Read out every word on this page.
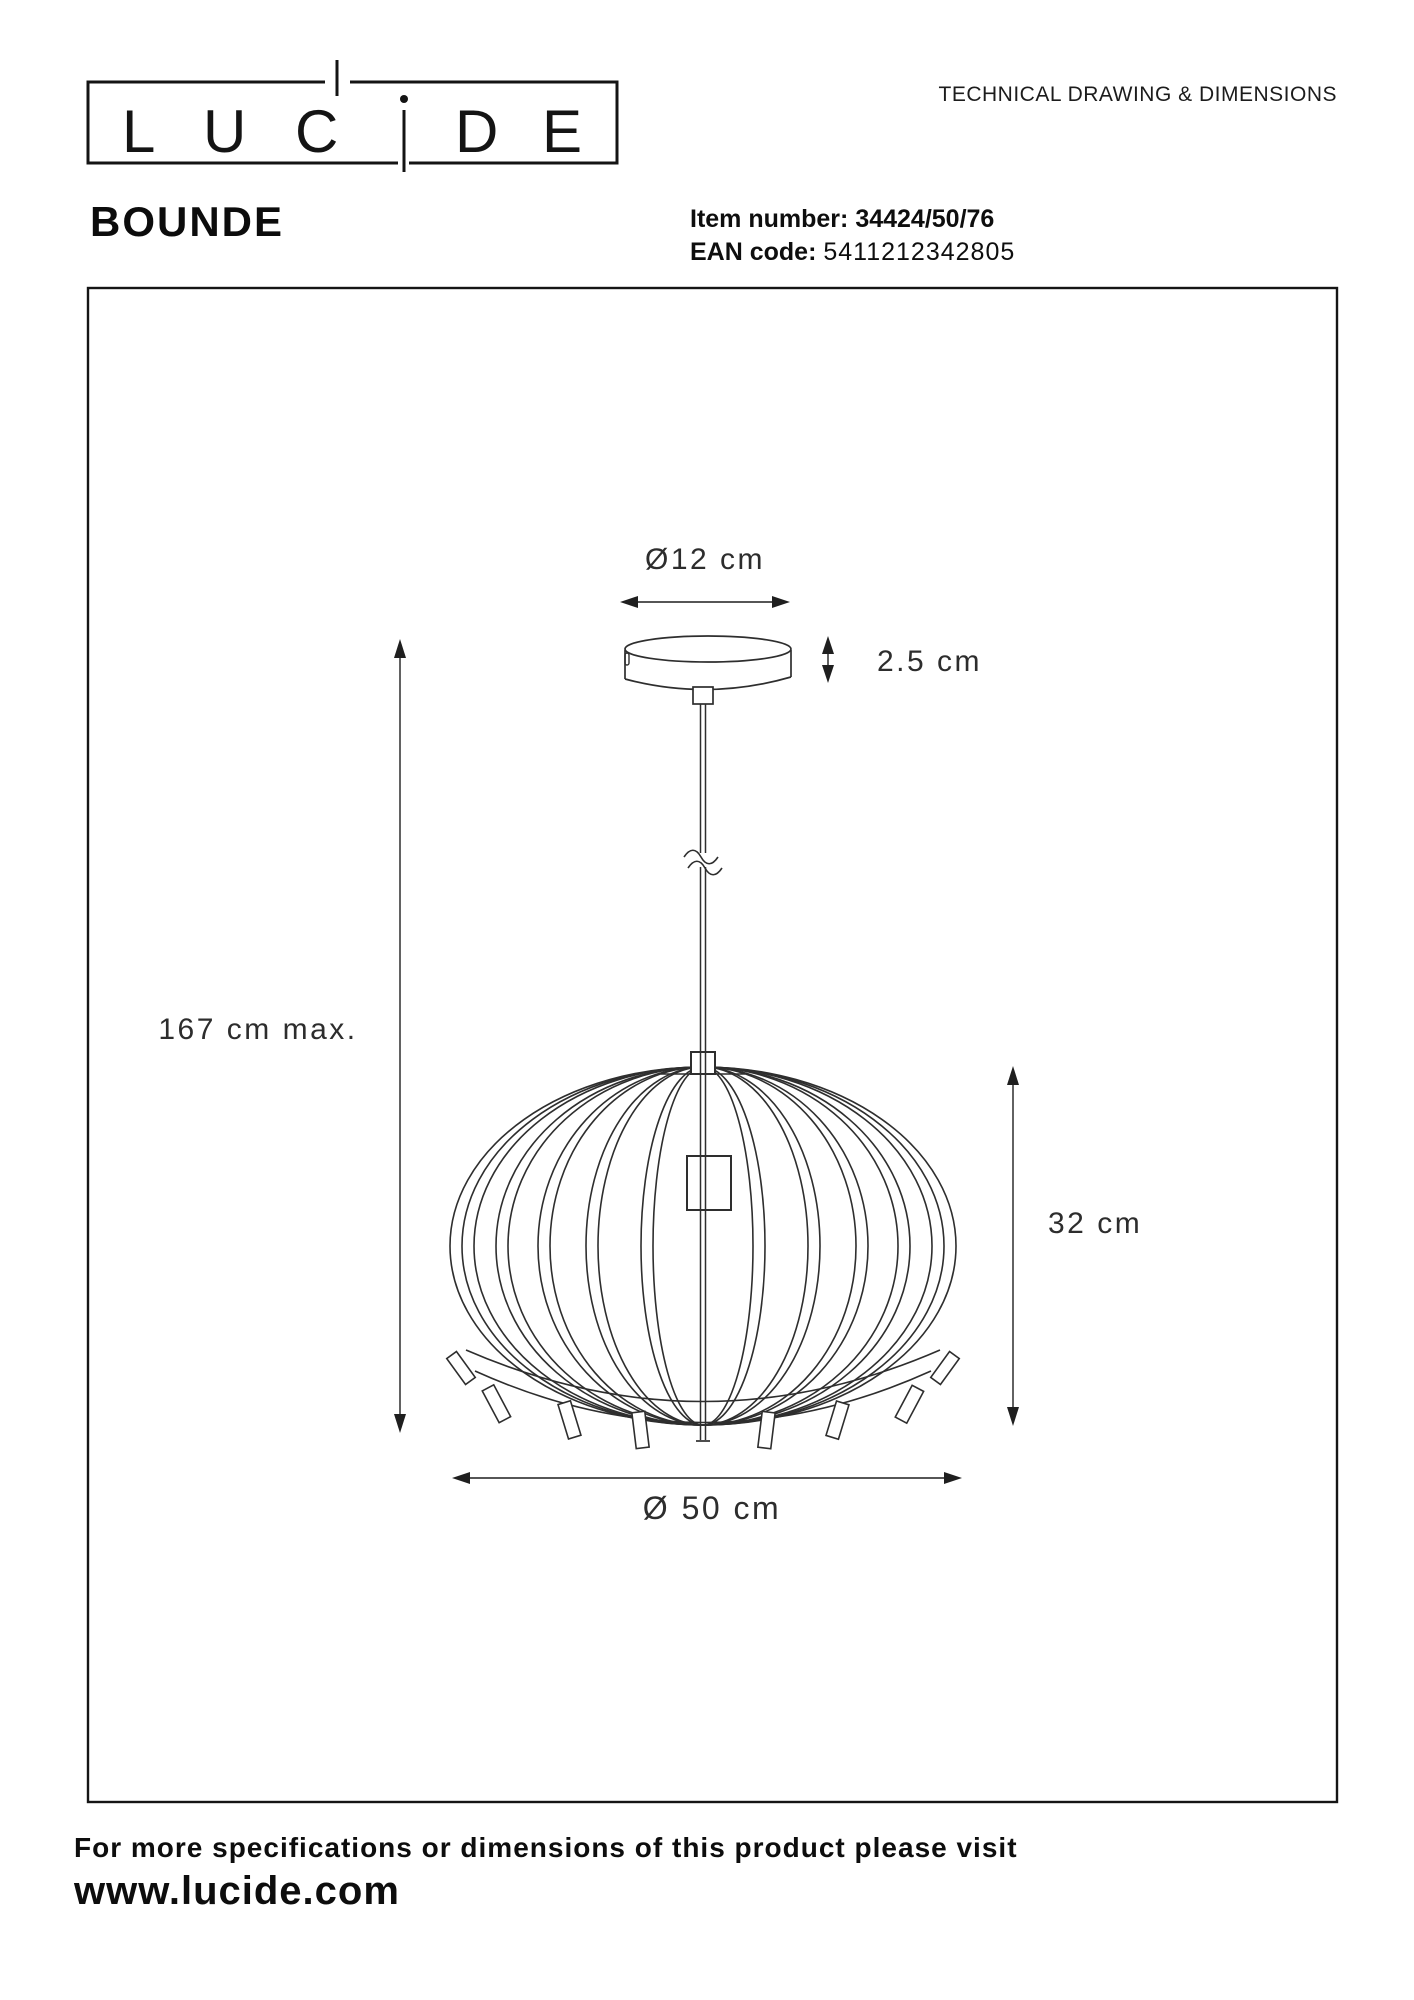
L U C D E
Ø12 cm
2.5 cm
167 cm max.
32 cm
Ø 50 cm
TECHNICAL DRAWING & DIMENSIONS
BOUNDE	Item number: 34424/50/76
EAN code: 5411212342805
For more specifications or dimensions of this product please visit
www.lucide.com
